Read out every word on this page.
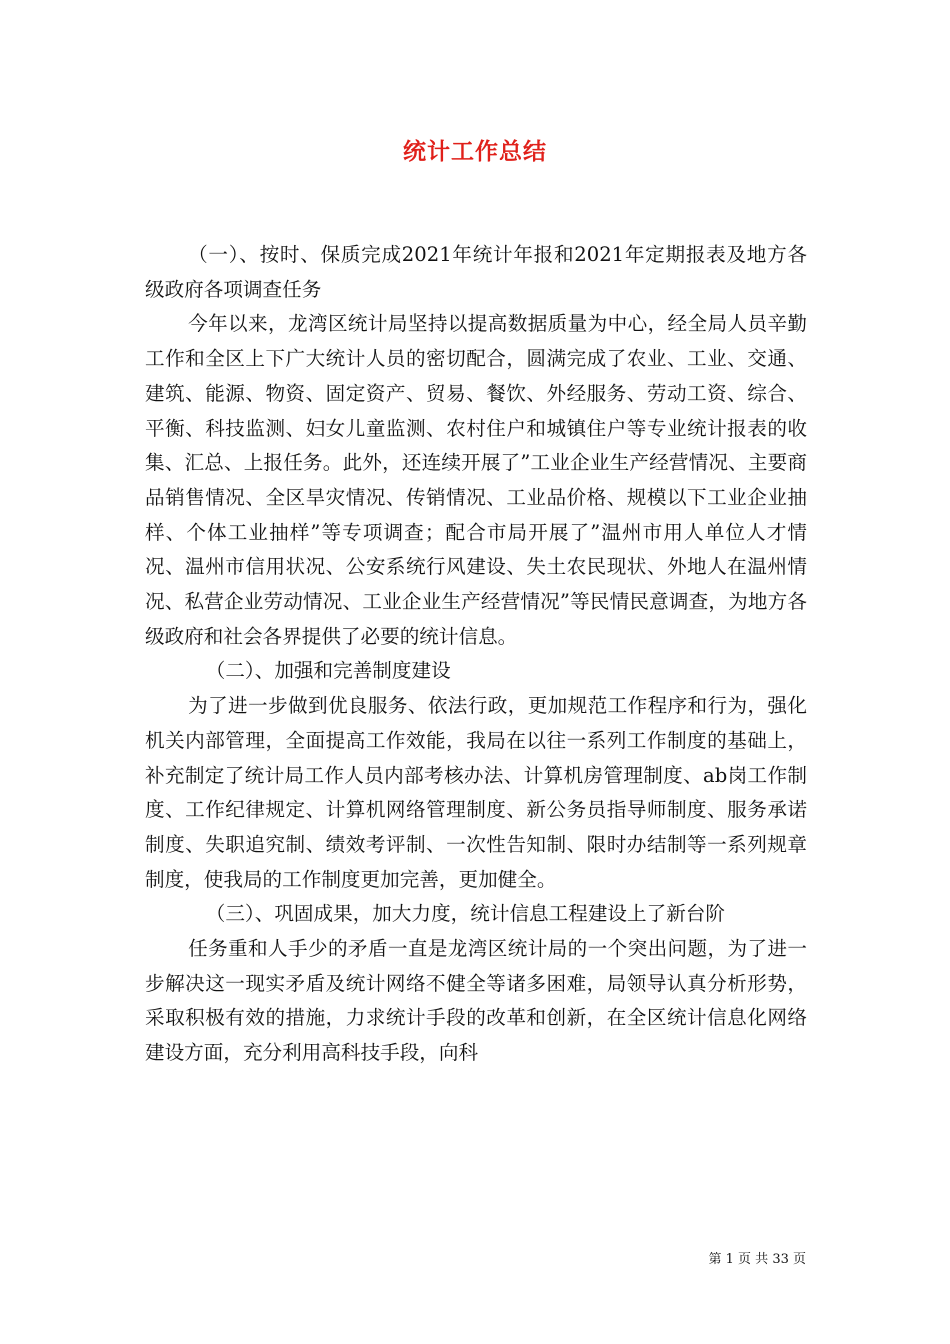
统计工作总结

（一）、按时、保质完成2021年统计年报和2021年定期报表及地方各级政府各项调查任务

今年以来，龙湾区统计局坚持以提高数据质量为中心，经全局人员辛勤工作和全区上下广大统计人员的密切配合，圆满完成了农业、工业、交通、建筑、能源、物资、固定资产、贸易、餐饮、外经服务、劳动工资、综合、平衡、科技监测、妇女儿童监测、农村住户和城镇住户等专业统计报表的收集、汇总、上报任务。此外，还连续开展了”工业企业生产经营情况、主要商品销售情况、全区旱灾情况、传销情况、工业品价格、规模以下工业企业抽样、个体工业抽样”等专项调查；配合市局开展了”温州市用人单位人才情况、温州市信用状况、公安系统行风建设、失土农民现状、外地人在温州情况、私营企业劳动情况、工业企业生产经营情况”等民情民意调查，为地方各级政府和社会各界提供了必要的统计信息。

（二）、加强和完善制度建设

为了进一步做到优良服务、依法行政，更加规范工作程序和行为，强化机关内部管理，全面提高工作效能，我局在以往一系列工作制度的基础上，补充制定了统计局工作人员内部考核办法、计算机房管理制度、ab岗工作制度、工作纪律规定、计算机网络管理制度、新公务员指导师制度、服务承诺制度、失职追究制、绩效考评制、一次性告知制、限时办结制等一系列规章制度，使我局的工作制度更加完善，更加健全。

（三）、巩固成果，加大力度，统计信息工程建设上了新台阶

任务重和人手少的矛盾一直是龙湾区统计局的一个突出问题，为了进一步解决这一现实矛盾及统计网络不健全等诸多困难，局领导认真分析形势，采取积极有效的措施，力求统计手段的改革和创新，在全区统计信息化网络建设方面，充分利用高科技手段，向科

第 1 页 共 33 页
